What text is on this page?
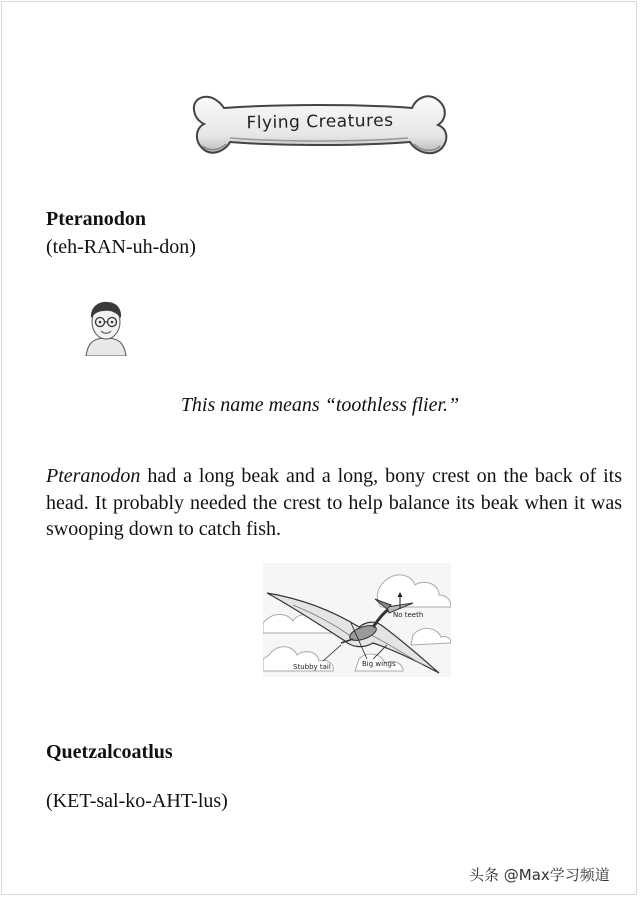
Flying Creatures
Pteranodon
(teh-RAN-uh-don)
This name means “toothless flier.”
Pteranodon had a long beak and a long, bony crest on the back of its head. It probably needed the crest to help balance its beak when it was swooping down to catch fish.
No teeth
Stubby tail	Big wings
Quetzalcoatlus
(KET-sal-ko-AHT-lus)
头条 @Max学习频道
